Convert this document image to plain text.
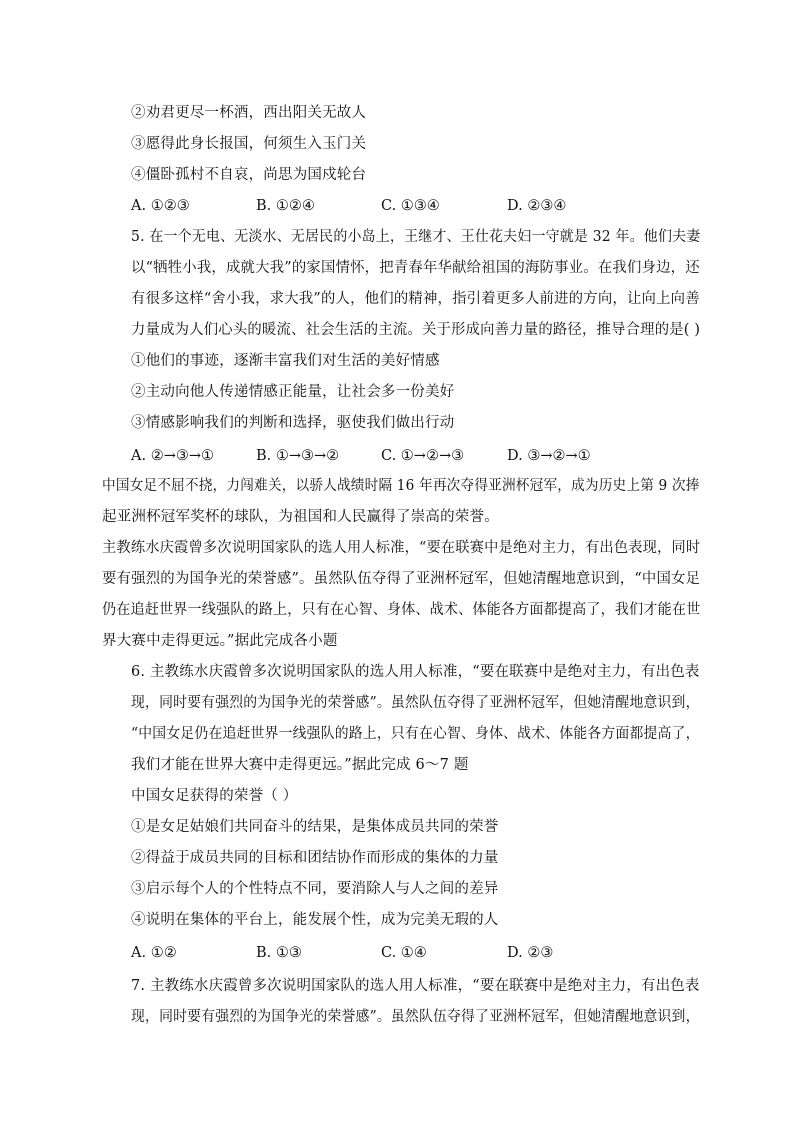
②劝君更尽一杯酒，西出阳关无故人
③愿得此身长报国，何须生入玉门关
④僵卧孤村不自哀，尚思为国戍轮台
A. ①②③	B. ①②④	C. ①③④	D. ②③④
5. 在一个无电、无淡水、无居民的小岛上，王继才、王仕花夫妇一守就是 32 年。他们夫妻
以“牺牲小我，成就大我”的家国情怀，把青春年华献给祖国的海防事业。在我们身边，还
有很多这样“舍小我，求大我”的人，他们的精神，指引着更多人前进的方向，让向上向善
力量成为人们心头的暖流、社会生活的主流。关于形成向善力量的路径，推导合理的是( )
①他们的事迹，逐渐丰富我们对生活的美好情感
②主动向他人传递情感正能量，让社会多一份美好
③情感影响我们的判断和选择，驱使我们做出行动
A. ②→③→①	B. ①→③→②	C. ①→②→③	D. ③→②→①
中国女足不屈不挠，力闯难关，以骄人战绩时隔 16 年再次夺得亚洲杯冠军，成为历史上第 9 次捧
起亚洲杯冠军奖杯的球队，为祖国和人民赢得了崇高的荣誉。
主教练水庆霞曾多次说明国家队的选人用人标准，“要在联赛中是绝对主力，有出色表现，同时
要有强烈的为国争光的荣誉感”。虽然队伍夺得了亚洲杯冠军，但她清醒地意识到，“中国女足
仍在追赶世界一线强队的路上，只有在心智、身体、战术、体能各方面都提高了，我们才能在世
界大赛中走得更远。”据此完成各小题
6. 主教练水庆霞曾多次说明国家队的选人用人标准，“要在联赛中是绝对主力，有出色表
现，同时要有强烈的为国争光的荣誉感”。虽然队伍夺得了亚洲杯冠军，但她清醒地意识到，
“中国女足仍在追赶世界一线强队的路上，只有在心智、身体、战术、体能各方面都提高了，
我们才能在世界大赛中走得更远。”据此完成 6～7 题
中国女足获得的荣誉（ ）
①是女足姑娘们共同奋斗的结果，是集体成员共同的荣誉
②得益于成员共同的目标和团结协作而形成的集体的力量
③启示每个人的个性特点不同，要消除人与人之间的差异
④说明在集体的平台上，能发展个性，成为完美无瑕的人
A. ①②	B. ①③	C. ①④	D. ②③
7. 主教练水庆霞曾多次说明国家队的选人用人标准，“要在联赛中是绝对主力，有出色表
现，同时要有强烈的为国争光的荣誉感”。虽然队伍夺得了亚洲杯冠军，但她清醒地意识到，
